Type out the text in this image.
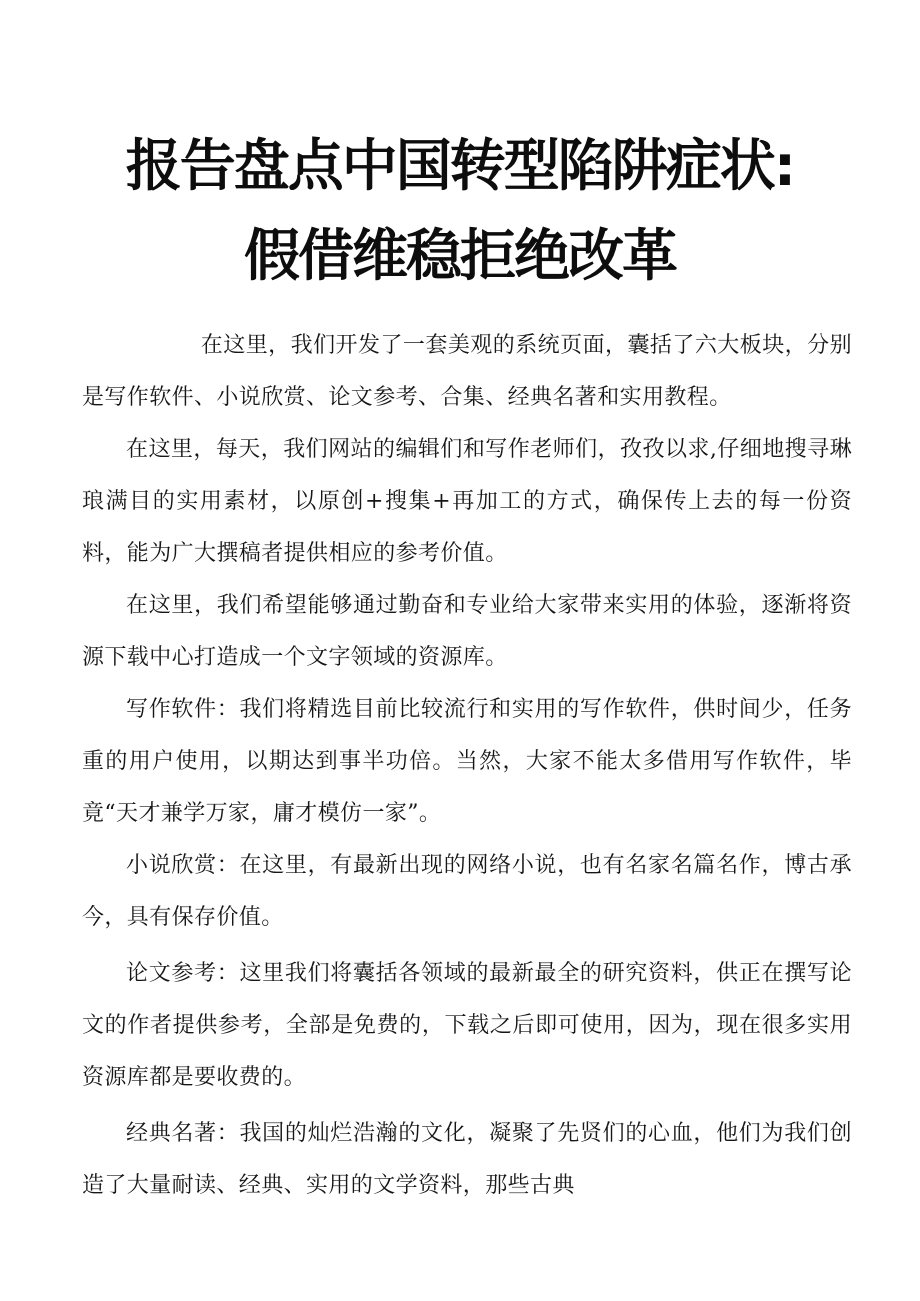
报告盘点中国转型陷阱症状:
假借维稳拒绝改革

在这里，我们开发了一套美观的系统页面，囊括了六大板块，分别是写作软件、小说欣赏、论文参考、合集、经典名著和实用教程。

在这里，每天，我们网站的编辑们和写作老师们，孜孜以求,仔细地搜寻琳琅满目的实用素材，以原创+搜集+再加工的方式，确保传上去的每一份资料，能为广大撰稿者提供相应的参考价值。

在这里，我们希望能够通过勤奋和专业给大家带来实用的体验，逐渐将资源下载中心打造成一个文字领域的资源库。

写作软件：我们将精选目前比较流行和实用的写作软件，供时间少，任务重的用户使用，以期达到事半功倍。当然，大家不能太多借用写作软件，毕竟“天才兼学万家，庸才模仿一家”。

小说欣赏：在这里，有最新出现的网络小说，也有名家名篇名作，博古承今，具有保存价值。

论文参考：这里我们将囊括各领域的最新最全的研究资料，供正在撰写论文的作者提供参考，全部是免费的，下载之后即可使用，因为，现在很多实用资源库都是要收费的。

经典名著：我国的灿烂浩瀚的文化，凝聚了先贤们的心血，他们为我们创造了大量耐读、经典、实用的文学资料，那些古典
